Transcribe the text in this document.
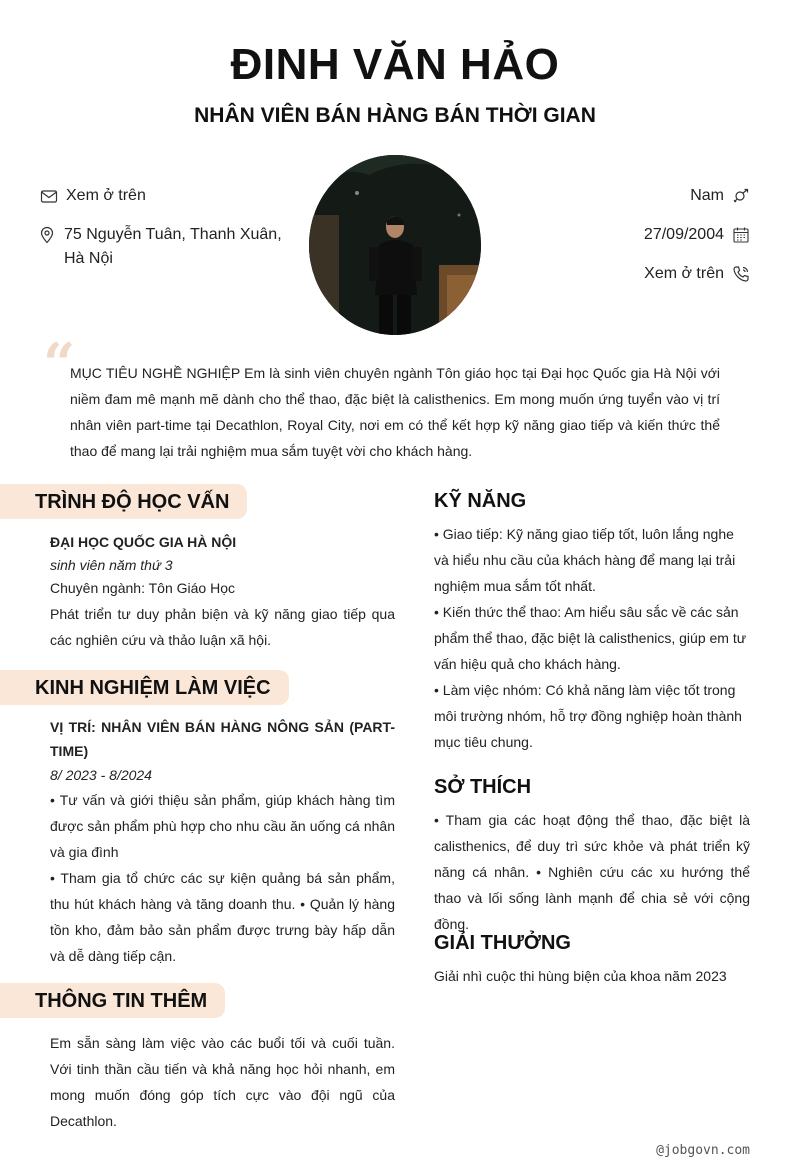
ĐINH VĂN HẢO
NHÂN VIÊN BÁN HÀNG BÁN THỜI GIAN
Xem ở trên
75 Nguyễn Tuân, Thanh Xuân, Hà Nội
Nam
27/09/2004
Xem ở trên
“
MỤC TIÊU NGHỀ NGHIỆP Em là sinh viên chuyên ngành Tôn giáo học tại Đại học Quốc gia Hà Nội với niềm đam mê mạnh mẽ dành cho thể thao, đặc biệt là calisthenics. Em mong muốn ứng tuyển vào vị trí nhân viên part-time tại Decathlon, Royal City, nơi em có thể kết hợp kỹ năng giao tiếp và kiến thức thể thao để mang lại trải nghiệm mua sắm tuyệt vời cho khách hàng.
TRÌNH ĐỘ HỌC VẤN
ĐẠI HỌC QUỐC GIA HÀ NỘI
sinh viên năm thứ 3
Chuyên ngành: Tôn Giáo Học
Phát triển tư duy phản biện và kỹ năng giao tiếp qua các nghiên cứu và thảo luận xã hội.
KINH NGHIỆM LÀM VIỆC
VỊ TRÍ: NHÂN VIÊN BÁN HÀNG NÔNG SẢN (PART-TIME)
8/ 2023 - 8/2024
• Tư vấn và giới thiệu sản phẩm, giúp khách hàng tìm được sản phẩm phù hợp cho nhu cầu ăn uống cá nhân và gia đình
• Tham gia tổ chức các sự kiện quảng bá sản phẩm, thu hút khách hàng và tăng doanh thu. • Quản lý hàng tồn kho, đảm bảo sản phẩm được trưng bày hấp dẫn và dễ dàng tiếp cận.
THÔNG TIN THÊM
Em sẵn sàng làm việc vào các buổi tối và cuối tuần. Với tinh thần cầu tiến và khả năng học hỏi nhanh, em mong muốn đóng góp tích cực vào đội ngũ của Decathlon.
KỸ NĂNG
• Giao tiếp: Kỹ năng giao tiếp tốt, luôn lắng nghe và hiểu nhu cầu của khách hàng để mang lại trải nghiệm mua sắm tốt nhất.
• Kiến thức thể thao: Am hiểu sâu sắc về các sản phẩm thể thao, đặc biệt là calisthenics, giúp em tư vấn hiệu quả cho khách hàng.
• Làm việc nhóm: Có khả năng làm việc tốt trong môi trường nhóm, hỗ trợ đồng nghiệp hoàn thành mục tiêu chung.
SỞ THÍCH
• Tham gia các hoạt động thể thao, đặc biệt là calisthenics, để duy trì sức khỏe và phát triển kỹ năng cá nhân. • Nghiên cứu các xu hướng thể thao và lối sống lành mạnh để chia sẻ với cộng đồng.
GIẢI THƯỞNG
Giải nhì cuộc thi hùng biện của khoa năm 2023
@jobgovn.com
